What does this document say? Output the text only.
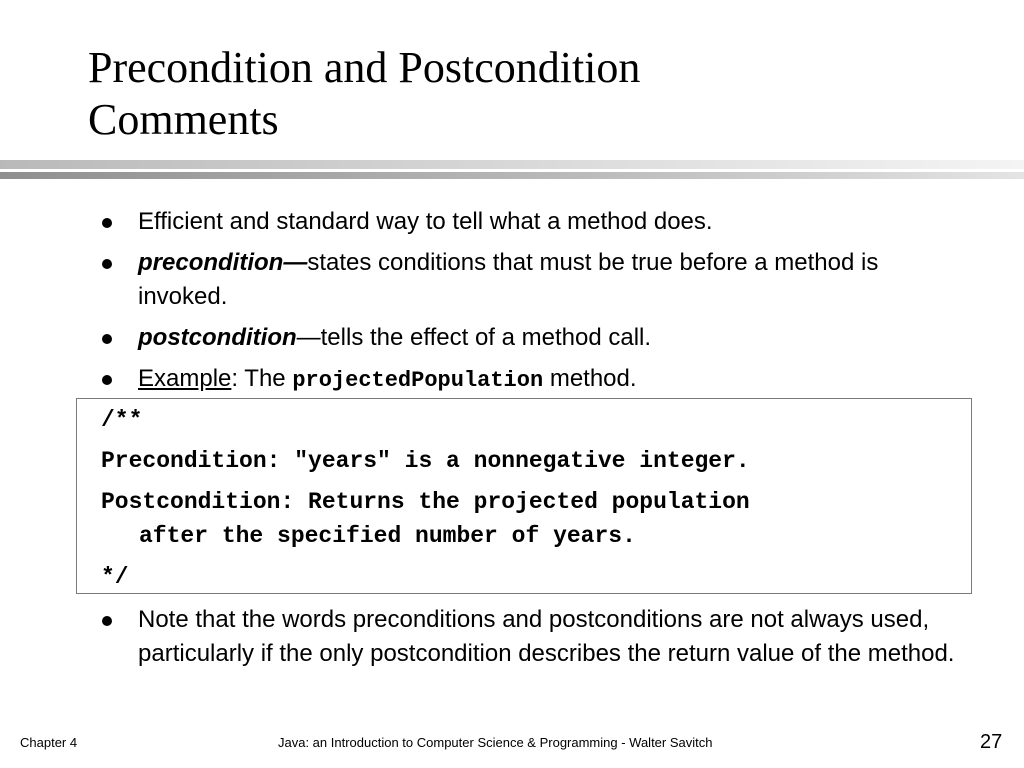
Precondition and Postcondition
Comments
Efficient and standard way to tell what a method does.
precondition—states conditions that must be true before a method is invoked.
postcondition—tells the effect of a method call.
Example: The projectedPopulation method.
/**
Precondition: "years" is a nonnegative integer.
Postcondition: Returns the projected population
after the specified number of years.
*/
Note that the words preconditions and postconditions are not always used, particularly if the only postcondition describes the return value of the method.
Chapter 4	Java: an Introduction to Computer Science & Programming - Walter Savitch	27
